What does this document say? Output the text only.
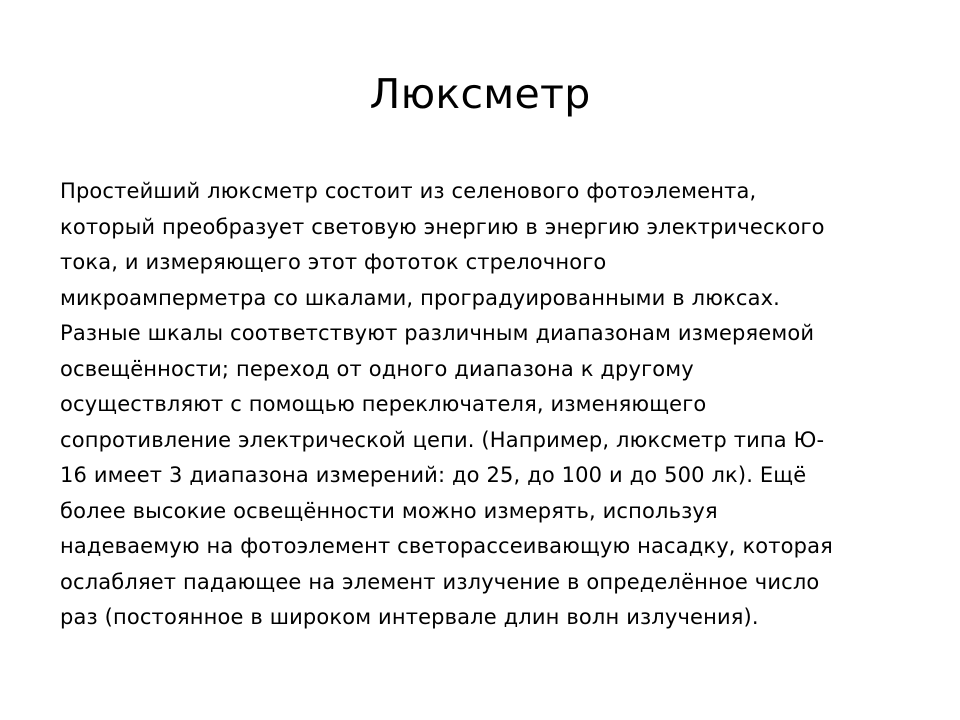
Люксметр
Простейший люксметр состоит из селенового фотоэлемента,
который преобразует световую энергию в энергию электрического
тока, и измеряющего этот фототок стрелочного
микроамперметра со шкалами, проградуированными в люксах.
Разные шкалы соответствуют различным диапазонам измеряемой
освещённости; переход от одного диапазона к другому
осуществляют с помощью переключателя, изменяющего
сопротивление электрической цепи. (Например, люксметр типа Ю-
16 имеет 3 диапазона измерений: до 25, до 100 и до 500 лк). Ещё
более высокие освещённости можно измерять, используя
надеваемую на фотоэлемент светорассеивающую насадку, которая
ослабляет падающее на элемент излучение в определённое число
раз (постоянное в широком интервале длин волн излучения).
